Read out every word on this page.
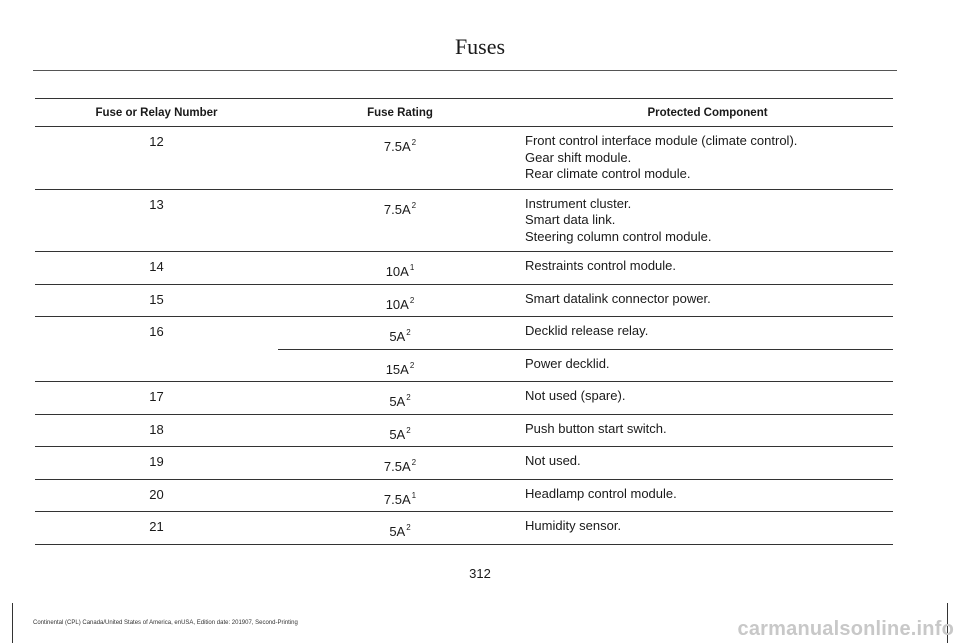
Fuses
Fuse or Relay Number	Fuse Rating	Protected Component
12	$7.5A^2$	Front control interface module (climate control).
Gear shift module.
Rear climate control module.

13	$7.5A^2$	Instrument cluster.
Smart data link.
Steering column control module.

14	$10A^1$	Restraints control module.

15	$10A^2$	Smart datalink connector power.

16	$5A^2$	Decklid release relay.

	$15A^2$	Power decklid.

17	$5A^2$	Not used (spare).

18	$5A^2$	Push button start switch.

19	$7.5A^2$	Not used.

20	$7.5A^1$	Headlamp control module.

21	$5A^2$	Humidity sensor.
312
Continental (CPL) Canada/United States of America, enUSA, Edition date: 201907, Second-Printing	carmanualsonline.info
